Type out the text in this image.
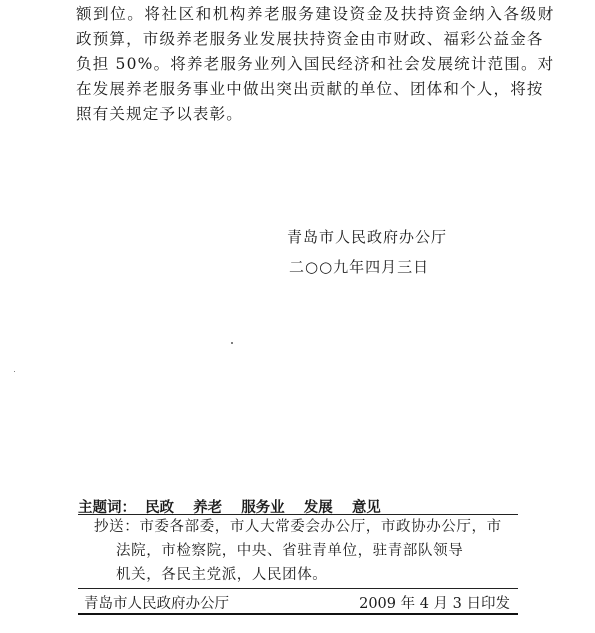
额到位。将社区和机构养老服务建设资金及扶持资金纳入各级财
政预算，市级养老服务业发展扶持资金由市财政、福彩公益金各
负担 50%。将养老服务业列入国民经济和社会发展统计范围。对
在发展养老服务事业中做出突出贡献的单位、团体和个人，将按
照有关规定予以表彰。
青岛市人民政府办公厅
二○○九年四月三日
主题词： 民政 养老 服务业 发展 意见
抄送：市委各部委，市人大常委会办公厅，市政协办公厅，市
法院，市检察院，中央、省驻青单位，驻青部队领导
机关，各民主党派，人民团体。
青岛市人民政府办公厅	2009 年 4 月 3 日印发
